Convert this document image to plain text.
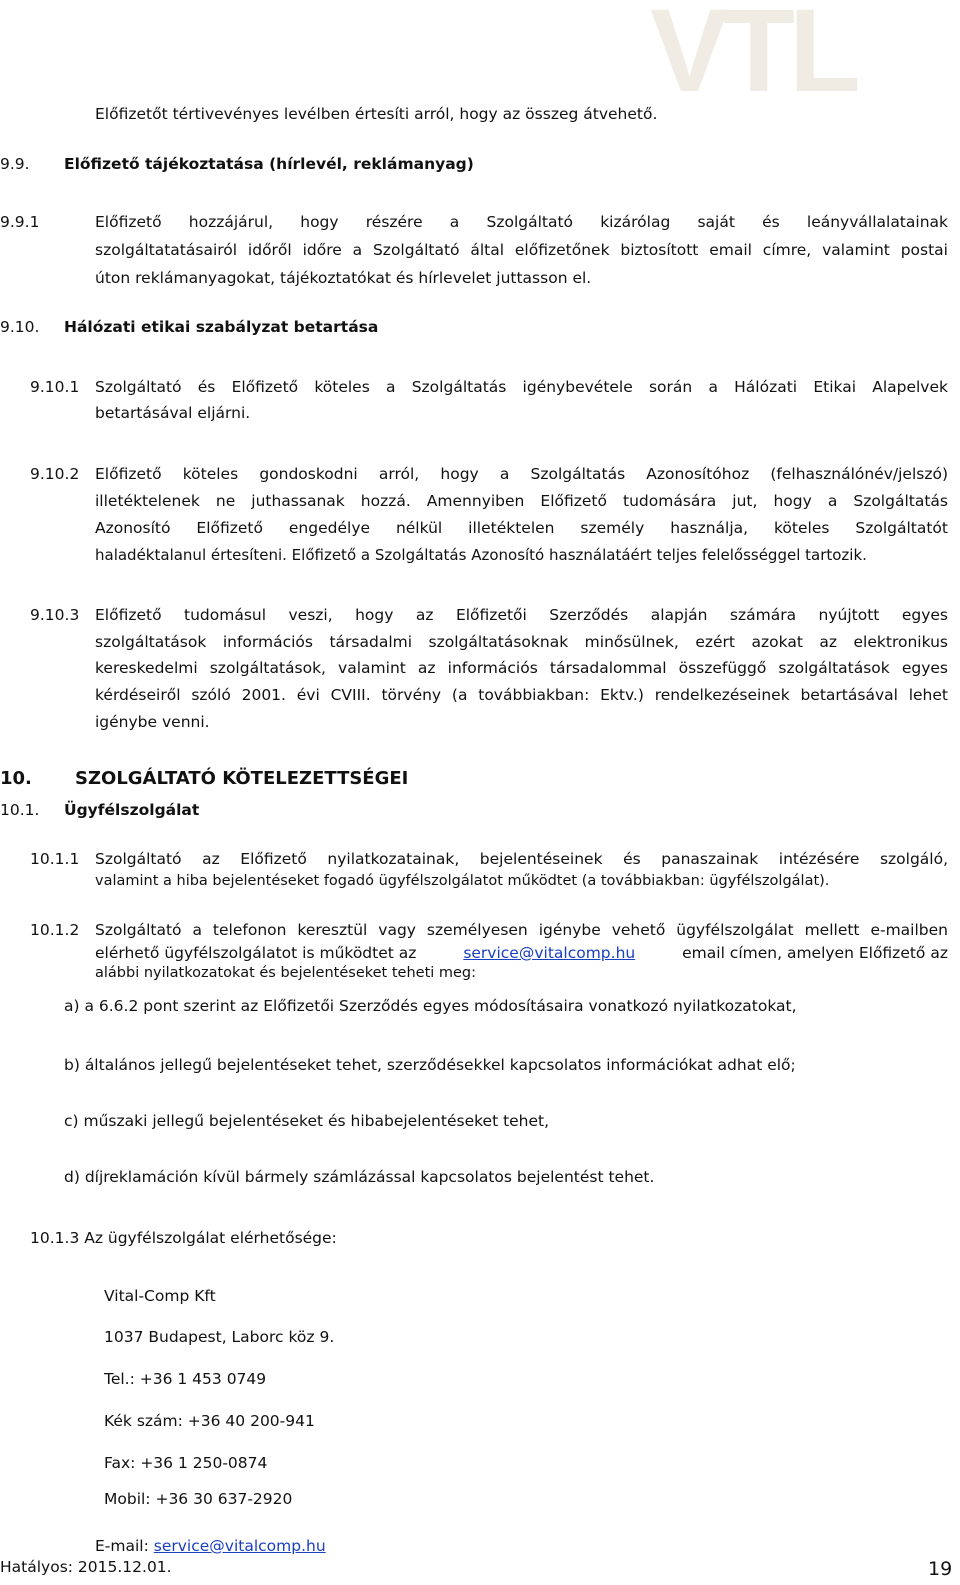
VTL
Előfizetőt tértivevényes levélben értesíti arról, hogy az összeg átvehető.
9.9. Előfizető tájékoztatása (hírlevél, reklámanyag)
9.9.1	Előfizető hozzájárul, hogy részére a Szolgáltató kizárólag saját és leányvállalatainak
szolgáltatatásairól időről időre a Szolgáltató által előfizetőnek biztosított email címre, valamint postai
úton reklámanyagokat, tájékoztatókat és hírlevelet juttasson el.
9.10. Hálózati etikai szabályzat betartása
9.10.1 Szolgáltató és Előfizető köteles a Szolgáltatás igénybevétele során a Hálózati Etikai Alapelvek
betartásával eljárni.
9.10.2 Előfizető köteles gondoskodni arról, hogy a Szolgáltatás Azonosítóhoz (felhasználónév/jelszó)
illetéktelenek ne juthassanak hozzá. Amennyiben Előfizető tudomására jut, hogy a Szolgáltatás
Azonosító Előfizető engedélye nélkül illetéktelen személy használja, köteles Szolgáltatót
haladéktalanul értesíteni. Előfizető a Szolgáltatás Azonosító használatáért teljes felelősséggel tartozik.
9.10.3 Előfizető tudomásul veszi, hogy az Előfizetői Szerződés alapján számára nyújtott egyes
szolgáltatások információs társadalmi szolgáltatásoknak minősülnek, ezért azokat az elektronikus
kereskedelmi szolgáltatások, valamint az információs társadalommal összefüggő szolgáltatások egyes
kérdéseiről szóló 2001. évi CVIII. törvény (a továbbiakban: Ektv.) rendelkezéseinek betartásával lehet
igénybe venni.
10. SZOLGÁLTATÓ KÖTELEZETTSÉGEI
10.1. Ügyfélszolgálat
10.1.1 Szolgáltató az Előfizető nyilatkozatainak, bejelentéseinek és panaszainak intézésére szolgáló,
valamint a hiba bejelentéseket fogadó ügyfélszolgálatot működtet (a továbbiakban: ügyfélszolgálat).
10.1.2 Szolgáltató a telefonon keresztül vagy személyesen igénybe vehető ügyfélszolgálat mellett e-mailben
elérhető ügyfélszolgálatot is működtet az	service@vitalcomp.hu	email címen, amelyen Előfizető az
alábbi nyilatkozatokat és bejelentéseket teheti meg:
a) a 6.6.2 pont szerint az Előfizetői Szerződés egyes módosításaira vonatkozó nyilatkozatokat,
b) általános jellegű bejelentéseket tehet, szerződésekkel kapcsolatos információkat adhat elő;
c) műszaki jellegű bejelentéseket és hibabejelentéseket tehet,
d) díjreklamáción kívül bármely számlázással kapcsolatos bejelentést tehet.
10.1.3 Az ügyfélszolgálat elérhetősége:
Vital-Comp Kft
1037 Budapest, Laborc köz 9.
Tel.: +36 1 453 0749
Kék szám: +36 40 200-941
Fax: +36 1 250-0874
Mobil: +36 30 637-2920
E-mail: service@vitalcomp.hu
Hatályos: 2015.12.01.	19
